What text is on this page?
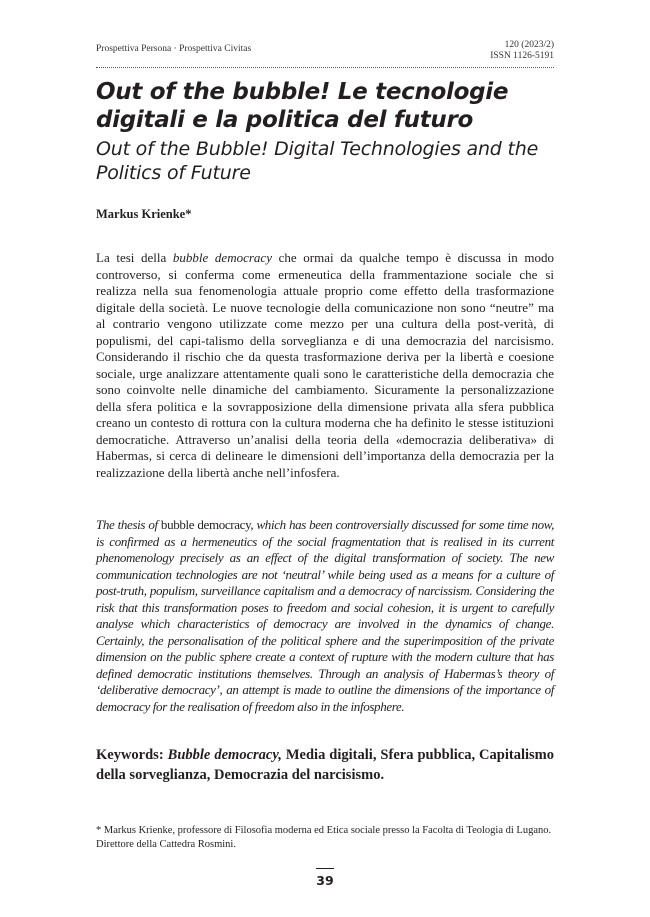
Prospettiva Persona · Prospettiva Civitas	120 (2023/2)
ISSN 1126-5191
Out of the bubble! Le tecnologie digitali e la politica del futuro
Out of the Bubble! Digital Technologies and the Politics of Future
Markus Krienke*

La tesi della bubble democracy che ormai da qualche tempo è discussa in modo controverso, si conferma come ermeneutica della frammentazione sociale che si realizza nella sua fenomenologia attuale proprio come effetto della trasformazione digitale della società. Le nuove tecnologie della comunicazione non sono “neutre” ma al contrario vengono utilizzate come mezzo per una cultura della post-verità, di populismi, del capi-talismo della sorveglianza e di una democrazia del narcisismo. Considerando il rischio che da questa trasformazione deriva per la libertà e coesione sociale, urge analizzare attentamente quali sono le caratteristiche della democrazia che sono coinvolte nelle dinamiche del cambiamento. Sicuramente la personalizzazione della sfera politica e la sovrapposizione della dimensione privata alla sfera pubblica creano un contesto di rottura con la cultura moderna che ha definito le stesse istituzioni democratiche. Attraverso un’analisi della teoria della «democrazia deliberativa» di Habermas, si cerca di delineare le dimensioni dell’importanza della democrazia per la realizzazione della libertà anche nell’infosfera.

The thesis of bubble democracy, which has been controversially discussed for some time now, is confirmed as a hermeneutics of the social fragmentation that is realised in its current phenomenology precisely as an effect of the digital transformation of society. The new communication technologies are not ‘neutral’ while being used as a means for a culture of post-truth, populism, surveillance capitalism and a democracy of narcissism. Considering the risk that this transformation poses to freedom and social cohesion, it is urgent to carefully analyse which characteristics of democracy are involved in the dynamics of change. Certainly, the personalisation of the political sphere and the superimposition of the private dimension on the public sphere create a context of rupture with the modern culture that has defined democratic institutions themselves. Through an analysis of Habermas’s theory of ‘deliberative democracy’, an attempt is made to outline the dimensions of the importance of democracy for the realisation of freedom also in the infosphere.

Keywords: Bubble democracy, Media digitali, Sfera pubblica, Capitalismo della sorveglianza, Democrazia del narcisismo.

* Markus Krienke, professore di Filosofia moderna ed Etica sociale presso la Facolta di Teologia di Lugano. Direttore della Cattedra Rosmini.

39
